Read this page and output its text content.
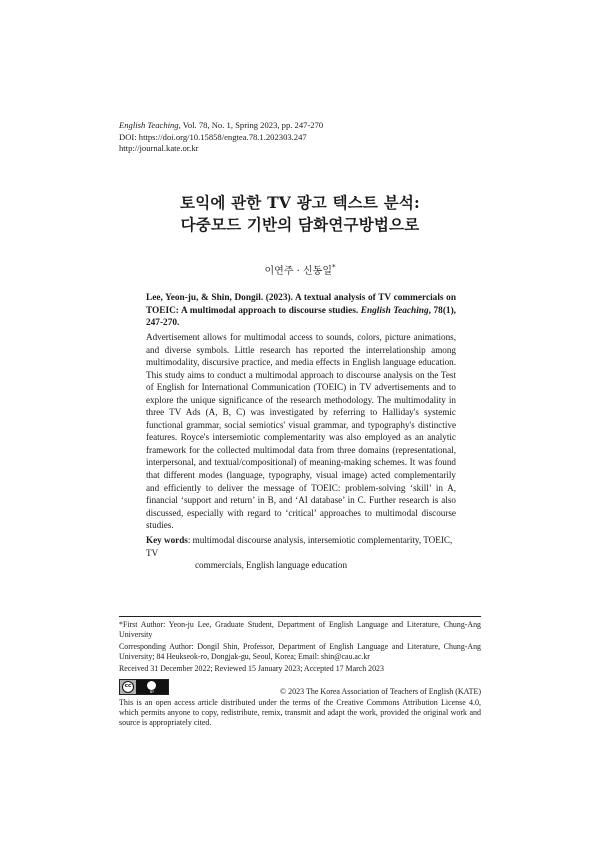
English Teaching, Vol. 78, No. 1, Spring 2023, pp. 247-270
DOI: https://doi.org/10.15858/engtea.78.1.202303.247
http://journal.kate.or.kr
토익에 관한 TV 광고 텍스트 분석:
다중모드 기반의 담화연구방법으로
이연주 · 신동일*
Lee, Yeon-ju, & Shin, Dongil. (2023). A textual analysis of TV commercials on TOEIC: A multimodal approach to discourse studies. English Teaching, 78(1), 247-270.
Advertisement allows for multimodal access to sounds, colors, picture animations, and diverse symbols. Little research has reported the interrelationship among multimodality, discursive practice, and media effects in English language education. This study aims to conduct a multimodal approach to discourse analysis on the Test of English for International Communication (TOEIC) in TV advertisements and to explore the unique significance of the research methodology. The multimodality in three TV Ads (A, B, C) was investigated by referring to Halliday's systemic functional grammar, social semiotics' visual grammar, and typography's distinctive features. Royce's intersemiotic complementarity was also employed as an analytic framework for the collected multimodal data from three domains (representational, interpersonal, and textual/compositional) of meaning-making schemes. It was found that different modes (language, typography, visual image) acted complementarily and efficiently to deliver the message of TOEIC: problem-solving ‘skill’ in A, financial ‘support and return’ in B, and ‘AI database’ in C. Further research is also discussed, especially with regard to ‘critical’ approaches to multimodal discourse studies.
Key words: multimodal discourse analysis, intersemiotic complementarity, TOEIC, TV
commercials, English language education

*First Author: Yeon-ju Lee, Graduate Student, Department of English Language and Literature, Chung-Ang University

Corresponding Author: Dongil Shin, Professor, Department of English Language and Literature, Chung-Ang University; 84 Heukseok-ro, Dongjak-gu, Seoul, Korea; Email: shin@cau.ac.kr

Received 31 December 2022; Reviewed 15 January 2023; Accepted 17 March 2023

cc
BY	© 2023 The Korea Association of Teachers of English (KATE)
This is an open access article distributed under the terms of the Creative Commons Attribution License 4.0, which permits anyone to copy, redistribute, remix, transmit and adapt the work, provided the original work and source is appropriately cited.
